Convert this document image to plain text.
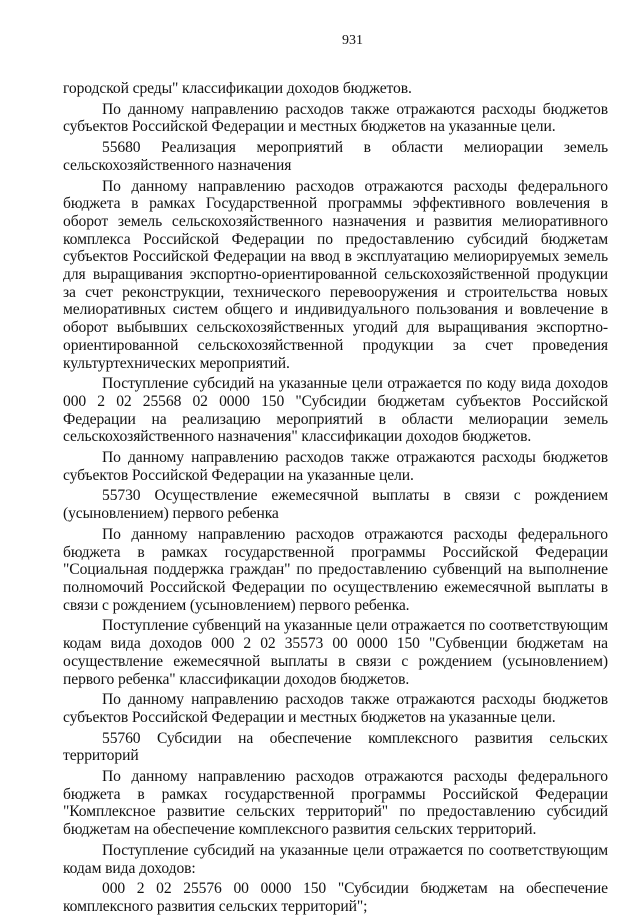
931

городской среды" классификации доходов бюджетов.

По данному направлению расходов также отражаются расходы бюджетов субъектов Российской Федерации и местных бюджетов на указанные цели.

55680 Реализация мероприятий в области мелиорации земель сельскохозяйственного назначения

По данному направлению расходов отражаются расходы федерального бюджета в рамках Государственной программы эффективного вовлечения в оборот земель сельскохозяйственного назначения и развития мелиоративного комплекса Российской Федерации по предоставлению субсидий бюджетам субъектов Российской Федерации на ввод в эксплуатацию мелиорируемых земель для выращивания экспортно-ориентированной сельскохозяйственной продукции за счет реконструкции, технического перевооружения и строительства новых мелиоративных систем общего и индивидуального пользования и вовлечение в оборот выбывших сельскохозяйственных угодий для выращивания экспортно-ориентированной сельскохозяйственной продукции за счет проведения культуртехнических мероприятий.

Поступление субсидий на указанные цели отражается по коду вида доходов 000 2 02 25568 02 0000 150 "Субсидии бюджетам субъектов Российской Федерации на реализацию мероприятий в области мелиорации земель сельскохозяйственного назначения" классификации доходов бюджетов.

По данному направлению расходов также отражаются расходы бюджетов субъектов Российской Федерации на указанные цели.

55730 Осуществление ежемесячной выплаты в связи с рождением (усыновлением) первого ребенка

По данному направлению расходов отражаются расходы федерального бюджета в рамках государственной программы Российской Федерации "Социальная поддержка граждан" по предоставлению субвенций на выполнение полномочий Российской Федерации по осуществлению ежемесячной выплаты в связи с рождением (усыновлением) первого ребенка.

Поступление субвенций на указанные цели отражается по соответствующим кодам вида доходов 000 2 02 35573 00 0000 150 "Субвенции бюджетам на осуществление ежемесячной выплаты в связи с рождением (усыновлением) первого ребенка" классификации доходов бюджетов.

По данному направлению расходов также отражаются расходы бюджетов субъектов Российской Федерации и местных бюджетов на указанные цели.

55760 Субсидии на обеспечение комплексного развития сельских территорий

По данному направлению расходов отражаются расходы федерального бюджета в рамках государственной программы Российской Федерации "Комплексное развитие сельских территорий" по предоставлению субсидий бюджетам на обеспечение комплексного развития сельских территорий.

Поступление субсидий на указанные цели отражается по соответствующим кодам вида доходов:

000 2 02 25576 00 0000 150 "Субсидии бюджетам на обеспечение комплексного развития сельских территорий";
